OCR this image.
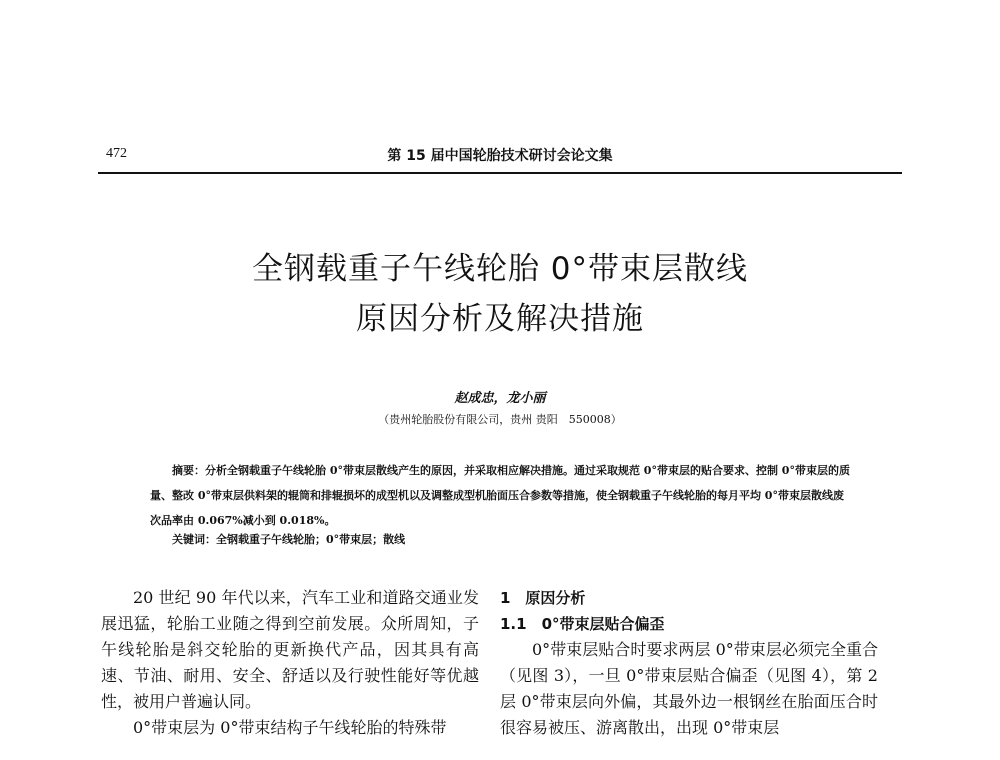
472	第 15 届中国轮胎技术研讨会论文集
全钢载重子午线轮胎 0°带束层散线
原因分析及解决措施
赵成忠，龙小丽
（贵州轮胎股份有限公司，贵州 贵阳　550008）

摘要：分析全钢载重子午线轮胎 0°带束层散线产生的原因，并采取相应解决措施。通过采取规范 0°带束层的贴合要求、控制 0°带束层的质量、整改 0°带束层供料架的辊筒和排辊损坏的成型机以及调整成型机胎面压合参数等措施，使全钢载重子午线轮胎的每月平均 0°带束层散线废次品率由 0.067%减小到 0.018%。

关键词：全钢载重子午线轮胎；0°带束层；散线

20 世纪 90 年代以来，汽车工业和道路交通业发展迅猛，轮胎工业随之得到空前发展。众所周知，子午线轮胎是斜交轮胎的更新换代产品，因其具有高速、节油、耐用、安全、舒适以及行驶性能好等优越性，被用户普遍认同。

0°带束层为 0°带束结构子午线轮胎的特殊带

1　原因分析
1.1　0°带束层贴合偏歪

0°带束层贴合时要求两层 0°带束层必须完全重合（见图 3），一旦 0°带束层贴合偏歪（见图 4），第 2 层 0°带束层向外偏，其最外边一根钢丝在胎面压合时很容易被压、游离散出，出现 0°带束层
